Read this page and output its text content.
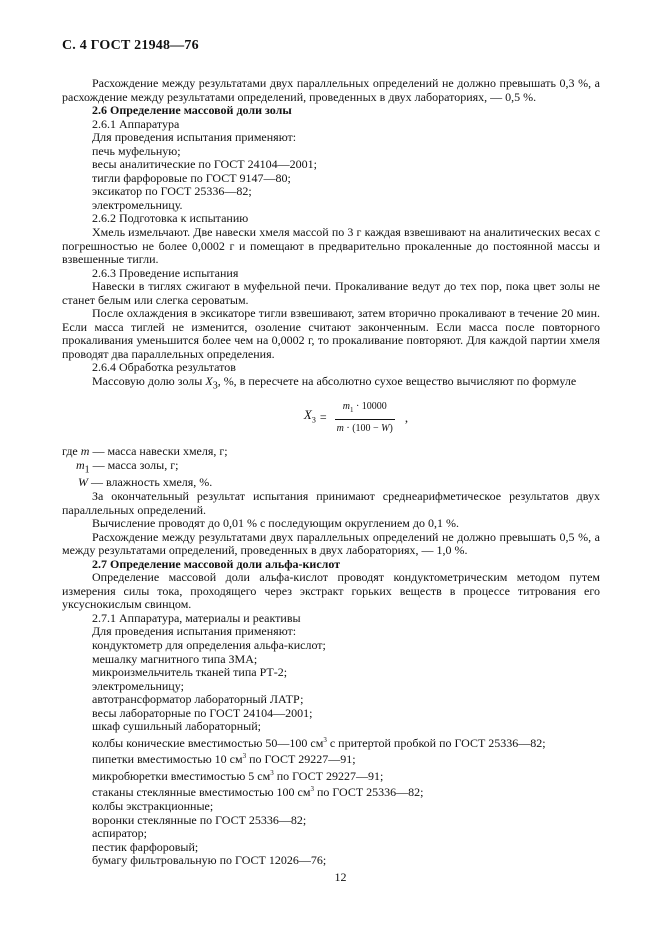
С. 4 ГОСТ 21948—76

Расхождение между результатами двух параллельных определений не должно превышать 0,3 %, а расхождение между результатами определений, проведенных в двух лабораториях, — 0,5 %.

2.6 Определение массовой доли золы

2.6.1 Аппаратура

Для проведения испытания применяют:

печь муфельную;

весы аналитические по ГОСТ 24104—2001;

тигли фарфоровые по ГОСТ 9147—80;

эксикатор по ГОСТ 25336—82;

электромельницу.

2.6.2 Подготовка к испытанию

Хмель измельчают. Две навески хмеля массой по 3 г каждая взвешивают на аналитических весах с погрешностью не более 0,0002 г и помещают в предварительно прокаленные до постоянной массы и взвешенные тигли.

2.6.3 Проведение испытания

Навески в тиглях сжигают в муфельной печи. Прокаливание ведут до тех пор, пока цвет золы не станет белым или слегка сероватым.

После охлаждения в эксикаторе тигли взвешивают, затем вторично прокаливают в течение 20 мин. Если масса тиглей не изменится, озоление считают законченным. Если масса после повторного прокаливания уменьшится более чем на 0,0002 г, то прокаливание повторяют. Для каждой партии хмеля проводят два параллельных определения.

2.6.4 Обработка результатов

Массовую долю золы $X_3$, %, в пересчете на абсолютно сухое вещество вычисляют по формуле

$X_3 = \frac{m_1 \cdot 10000}{m \cdot (100 - W)}$ ,

где m — масса навески хмеля, г;

$m_1$ — масса золы, г;

W — влажность хмеля, %.

За окончательный результат испытания принимают среднеарифметическое результатов двух параллельных определений.

Вычисление проводят до 0,01 % с последующим округлением до 0,1 %.

Расхождение между результатами двух параллельных определений не должно превышать 0,5 %, а между результатами определений, проведенных в двух лабораториях, — 1,0 %.

2.7 Определение массовой доли альфа-кислот

Определение массовой доли альфа-кислот проводят кондуктометрическим методом путем измерения силы тока, проходящего через экстракт горьких веществ в процессе титрования его уксуснокислым свинцом.

2.7.1 Аппаратура, материалы и реактивы

Для проведения испытания применяют:

кондуктометр для определения альфа-кислот;

мешалку магнитного типа ЗМА;

микроизмельчитель тканей типа РТ-2;

электромельницу;

автотрансформатор лабораторный ЛАТР;

весы лабораторные по ГОСТ 24104—2001;

шкаф сушильный лабораторный;

колбы конические вместимостью 50—100 $см^3$ с притертой пробкой по ГОСТ 25336—82;

пипетки вместимостью 10 $см^3$ по ГОСТ 29227—91;

микробюретки вместимостью 5 $см^3$ по ГОСТ 29227—91;

стаканы стеклянные вместимостью 100 $см^3$ по ГОСТ 25336—82;

колбы экстракционные;

воронки стеклянные по ГОСТ 25336—82;

аспиратор;

пестик фарфоровый;

бумагу фильтровальную по ГОСТ 12026—76;

12
